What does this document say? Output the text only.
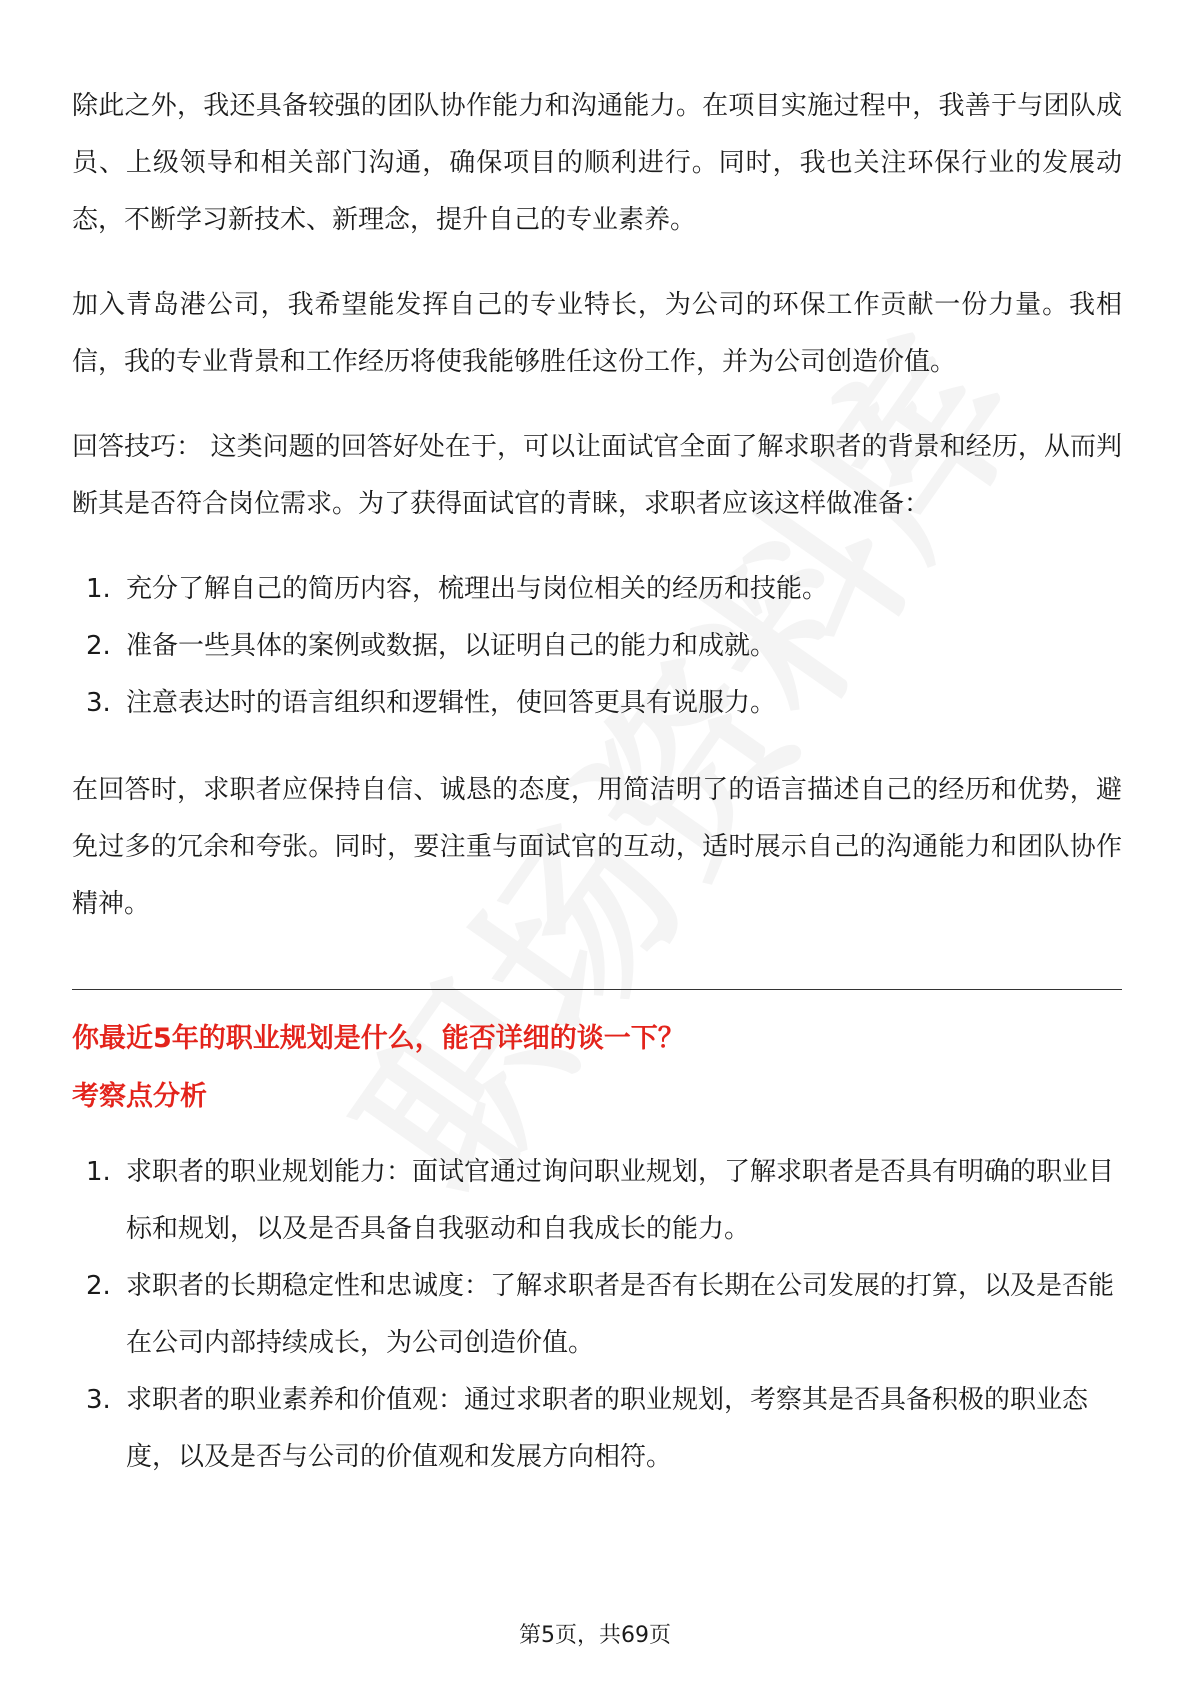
除此之外，我还具备较强的团队协作能力和沟通能力。在项目实施过程中，我善于与团队成员、上级领导和相关部门沟通，确保项目的顺利进行。同时，我也关注环保行业的发展动态，不断学习新技术、新理念，提升自己的专业素养。

加入青岛港公司，我希望能发挥自己的专业特长，为公司的环保工作贡献一份力量。我相信，我的专业背景和工作经历将使我能够胜任这份工作，并为公司创造价值。

回答技巧： 这类问题的回答好处在于，可以让面试官全面了解求职者的背景和经历，从而判断其是否符合岗位需求。为了获得面试官的青睐，求职者应该这样做准备：

1. 充分了解自己的简历内容，梳理出与岗位相关的经历和技能。
2. 准备一些具体的案例或数据，以证明自己的能力和成就。
3. 注意表达时的语言组织和逻辑性，使回答更具有说服力。

在回答时，求职者应保持自信、诚恳的态度，用简洁明了的语言描述自己的经历和优势，避免过多的冗余和夸张。同时，要注重与面试官的互动，适时展示自己的沟通能力和团队协作精神。

你最近5年的职业规划是什么，能否详细的谈一下？

考察点分析

1. 求职者的职业规划能力：面试官通过询问职业规划，了解求职者是否具有明确的职业目标和规划，以及是否具备自我驱动和自我成长的能力。
2. 求职者的长期稳定性和忠诚度：了解求职者是否有长期在公司发展的打算，以及是否能在公司内部持续成长，为公司创造价值。
3. 求职者的职业素养和价值观：通过求职者的职业规划，考察其是否具备积极的职业态度，以及是否与公司的价值观和发展方向相符。
第5页，共69页
